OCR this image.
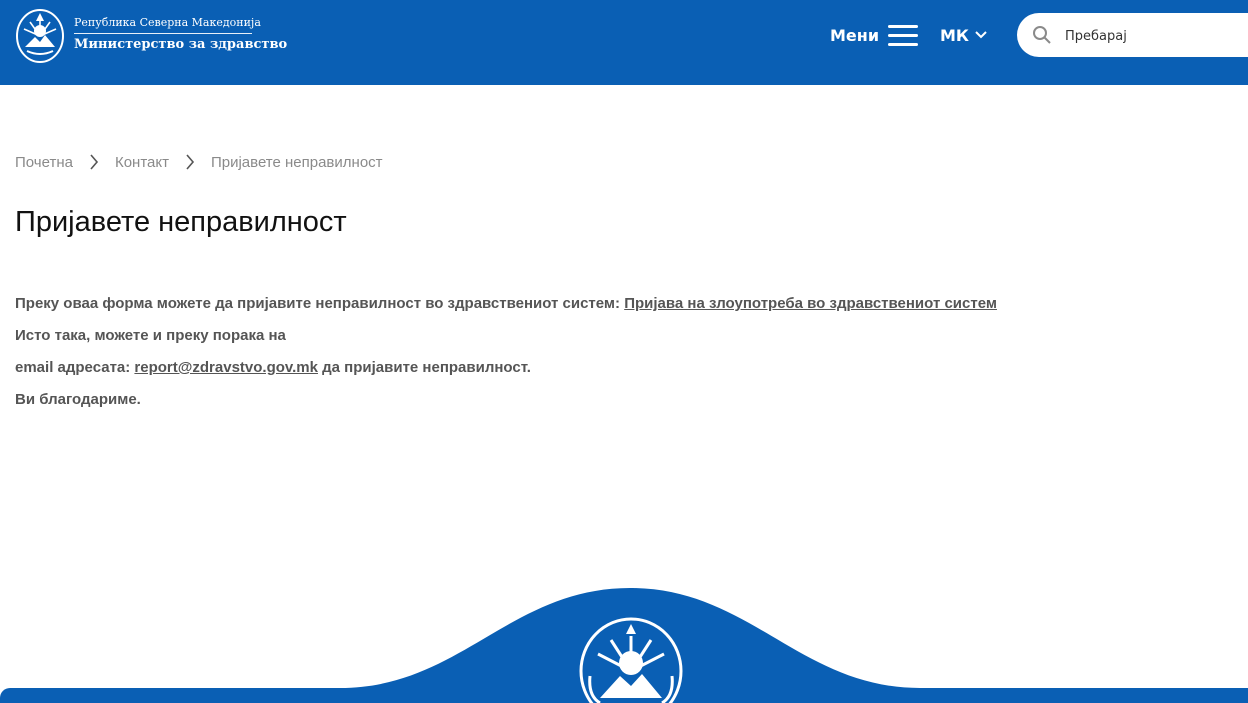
Република Северна Македонија
Министерство за здравство	Мени	МК
Пребарај
Почетна	Контакт	Пријавете неправилност
Пријавете неправилност

Преку оваа форма можете да пријавите неправилност во здравствениот систем: Пријава на злоупотреба во здравствениот систем

Исто така, можете и преку порака на

email адресата: report@zdravstvo.gov.mk да пријавите неправилност.

Ви благодариме.
